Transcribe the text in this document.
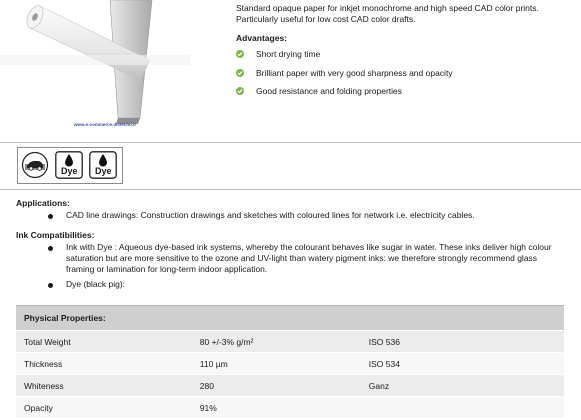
www.e-commerce.distecho.it
Standard opaque paper for inkjet monochrome and high speed CAD color prints. Particularly useful for low cost CAD color drafts.
Advantages:
Short drying time
Brilliant paper with very good sharpness and opacity
Good resistance and folding properties
Dye Dye
Applications:
CAD line drawings: Construction drawings and sketches with coloured lines for network i.e. electricity cables.
Ink Compatibilities:
Ink with Dye : Aqueous dye-based ink systems, whereby the colourant behaves like sugar in water. These inks deliver high colour saturation but are more sensitive to the ozone and UV-light than watery pigment inks: we therefore strongly recommend glass framing or lamination for long-term indoor application.
Dye (black pig):
Physical Properties:		
Total Weight	80 +/-3% g/m²	ISO 536
Thickness	110 µm	ISO 534
Whiteness	280	Ganz
Opacity	91%	
